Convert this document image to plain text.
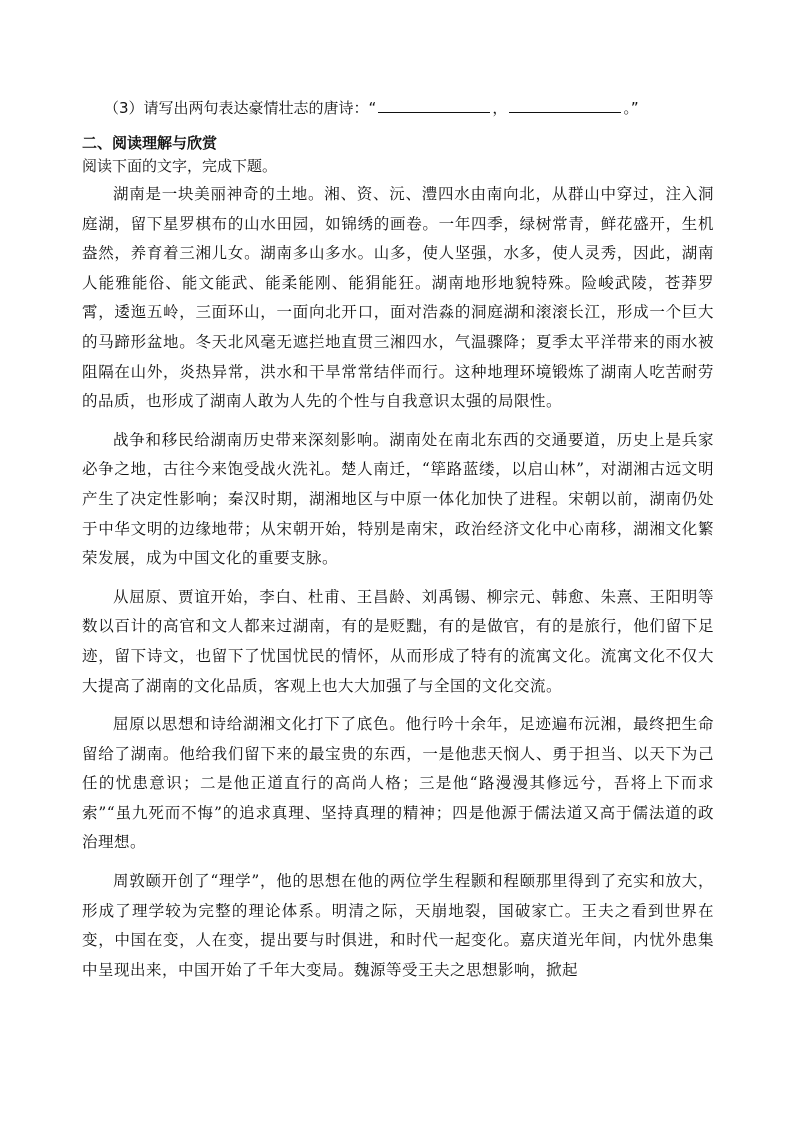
（3）请写出两句表达豪情壮志的唐诗：“	，	。”
二、阅读理解与欣赏
阅读下面的文字，完成下题。

湖南是一块美丽神奇的土地。湘、资、沅、澧四水由南向北，从群山中穿过，注入洞庭湖，留下星罗棋布的山水田园，如锦绣的画卷。一年四季，绿树常青，鲜花盛开，生机盎然，养育着三湘儿女。湖南多山多水。山多，使人坚强，水多，使人灵秀，因此，湖南人能雅能俗、能文能武、能柔能刚、能狷能狂。湖南地形地貌特殊。险峻武陵，苍莽罗霄，逶迤五岭，三面环山，一面向北开口，面对浩淼的洞庭湖和滚滚长江，形成一个巨大的马蹄形盆地。冬天北风毫无遮拦地直贯三湘四水，气温骤降；夏季太平洋带来的雨水被阻隔在山外，炎热异常，洪水和干旱常常结伴而行。这种地理环境锻炼了湖南人吃苦耐劳的品质，也形成了湖南人敢为人先的个性与自我意识太强的局限性。

战争和移民给湖南历史带来深刻影响。湖南处在南北东西的交通要道，历史上是兵家必争之地，古往今来饱受战火洗礼。楚人南迁，“筚路蓝缕，以启山林”，对湖湘古远文明产生了决定性影响；秦汉时期，湖湘地区与中原一体化加快了进程。宋朝以前，湖南仍处于中华文明的边缘地带；从宋朝开始，特别是南宋，政治经济文化中心南移，湖湘文化繁荣发展，成为中国文化的重要支脉。

从屈原、贾谊开始，李白、杜甫、王昌龄、刘禹锡、柳宗元、韩愈、朱熹、王阳明等数以百计的高官和文人都来过湖南，有的是贬黜，有的是做官，有的是旅行，他们留下足迹，留下诗文，也留下了忧国忧民的情怀，从而形成了特有的流寓文化。流寓文化不仅大大提高了湖南的文化品质，客观上也大大加强了与全国的文化交流。

屈原以思想和诗给湖湘文化打下了底色。他行吟十余年，足迹遍布沅湘，最终把生命留给了湖南。他给我们留下来的最宝贵的东西，一是他悲天悯人、勇于担当、以天下为己任的忧患意识；二是他正道直行的高尚人格；三是他“路漫漫其修远兮，吾将上下而求索”“虽九死而不悔”的追求真理、坚持真理的精神；四是他源于儒法道又高于儒法道的政治理想。

周敦颐开创了“理学”，他的思想在他的两位学生程颢和程颐那里得到了充实和放大，形成了理学较为完整的理论体系。明清之际，天崩地裂，国破家亡。王夫之看到世界在变，中国在变，人在变，提出要与时俱进，和时代一起变化。嘉庆道光年间，内忧外患集中呈现出来，中国开始了千年大变局。魏源等受王夫之思想影响，掀起
